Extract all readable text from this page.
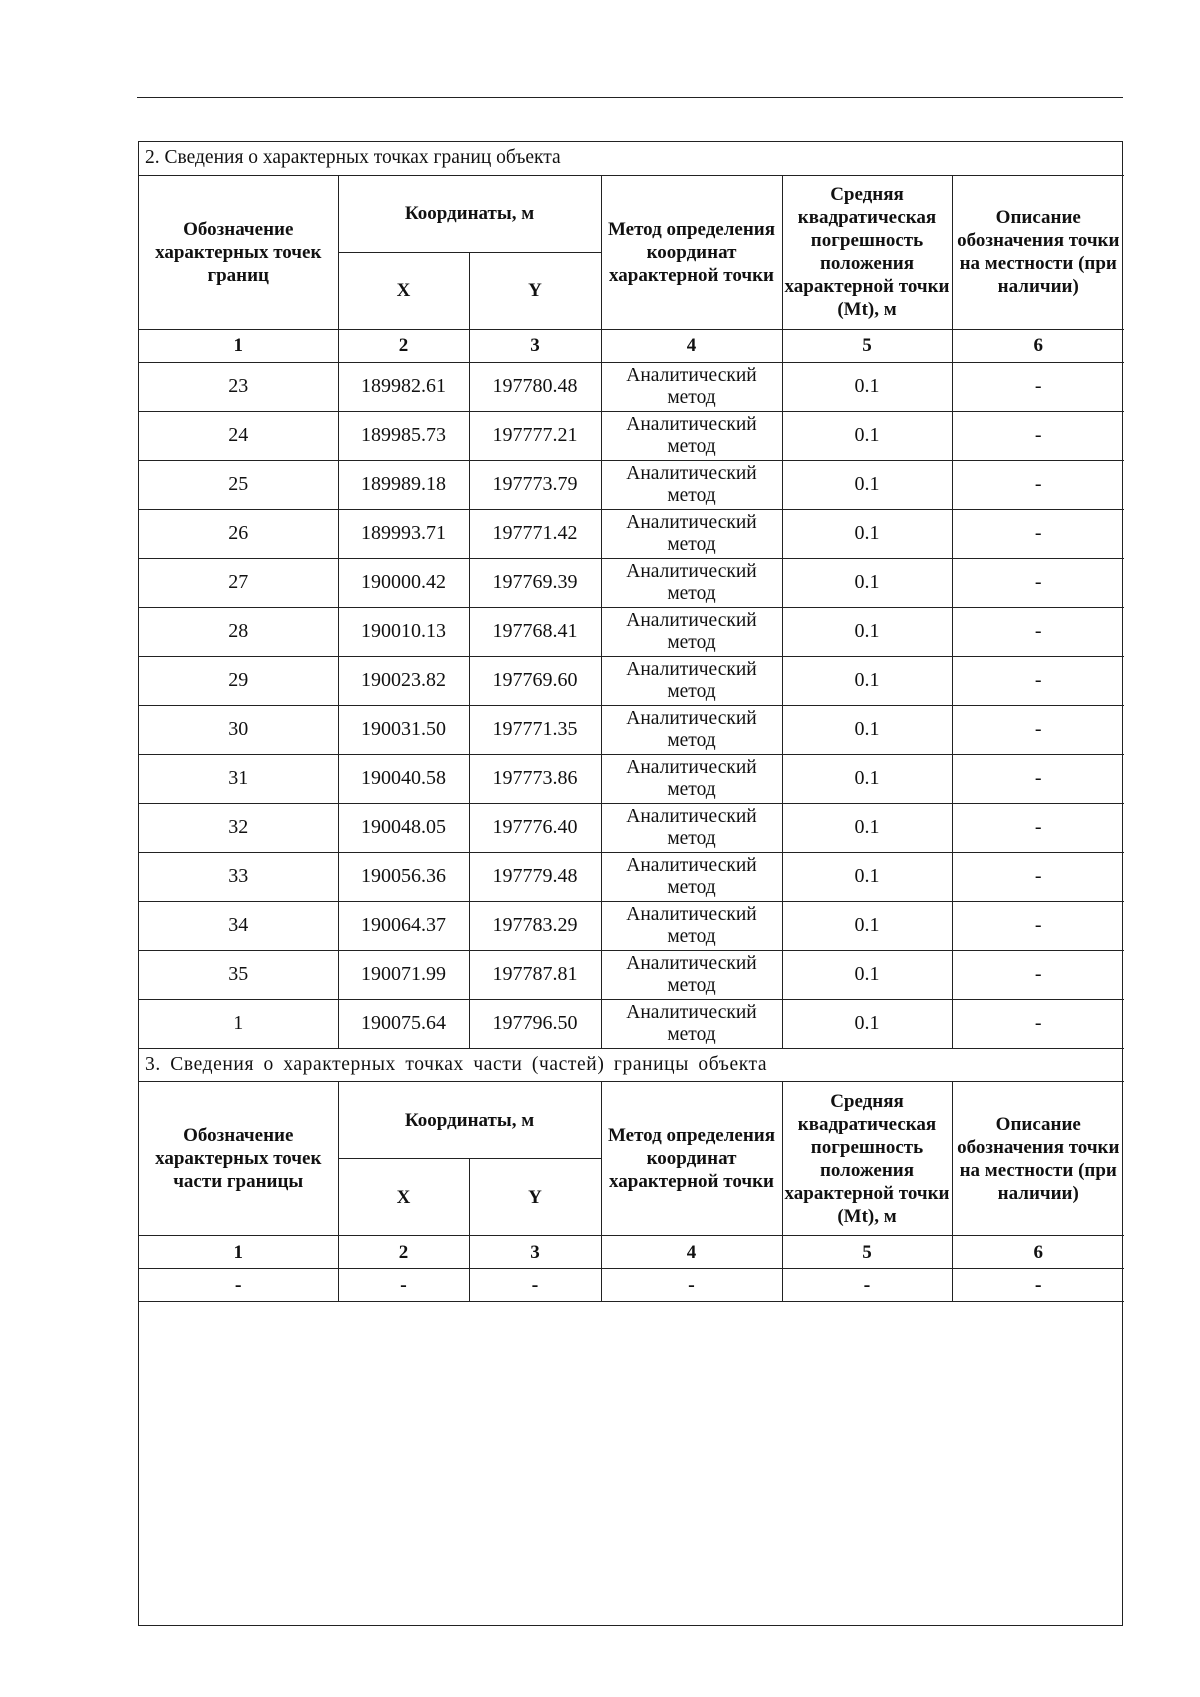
2. Сведения о характерных точках границ объекта					
Обозначение характерных точек границ	Координаты, м		Метод определения координат характерной точки	Средняя квадратическая погрешность положения характерной точки (Mt), м	Описание обозначения точки на местности (при наличии)
	X	Y			
1	2	3	4	5	6
23	189982.61	197780.48	Аналитический метод	0.1	-
24	189985.73	197777.21	Аналитический метод	0.1	-
25	189989.18	197773.79	Аналитический метод	0.1	-
26	189993.71	197771.42	Аналитический метод	0.1	-
27	190000.42	197769.39	Аналитический метод	0.1	-
28	190010.13	197768.41	Аналитический метод	0.1	-
29	190023.82	197769.60	Аналитический метод	0.1	-
30	190031.50	197771.35	Аналитический метод	0.1	-
31	190040.58	197773.86	Аналитический метод	0.1	-
32	190048.05	197776.40	Аналитический метод	0.1	-
33	190056.36	197779.48	Аналитический метод	0.1	-
34	190064.37	197783.29	Аналитический метод	0.1	-
35	190071.99	197787.81	Аналитический метод	0.1	-
1	190075.64	197796.50	Аналитический метод	0.1	-
3. Сведения о характерных точках части (частей) границы объекта					
Обозначение характерных точек части границы	Координаты, м		Метод определения координат характерной точки	Средняя квадратическая погрешность положения характерной точки (Mt), м	Описание обозначения точки на местности (при наличии)
	X	Y			
1	2	3	4	5	6
-	-	-	-	-	-
